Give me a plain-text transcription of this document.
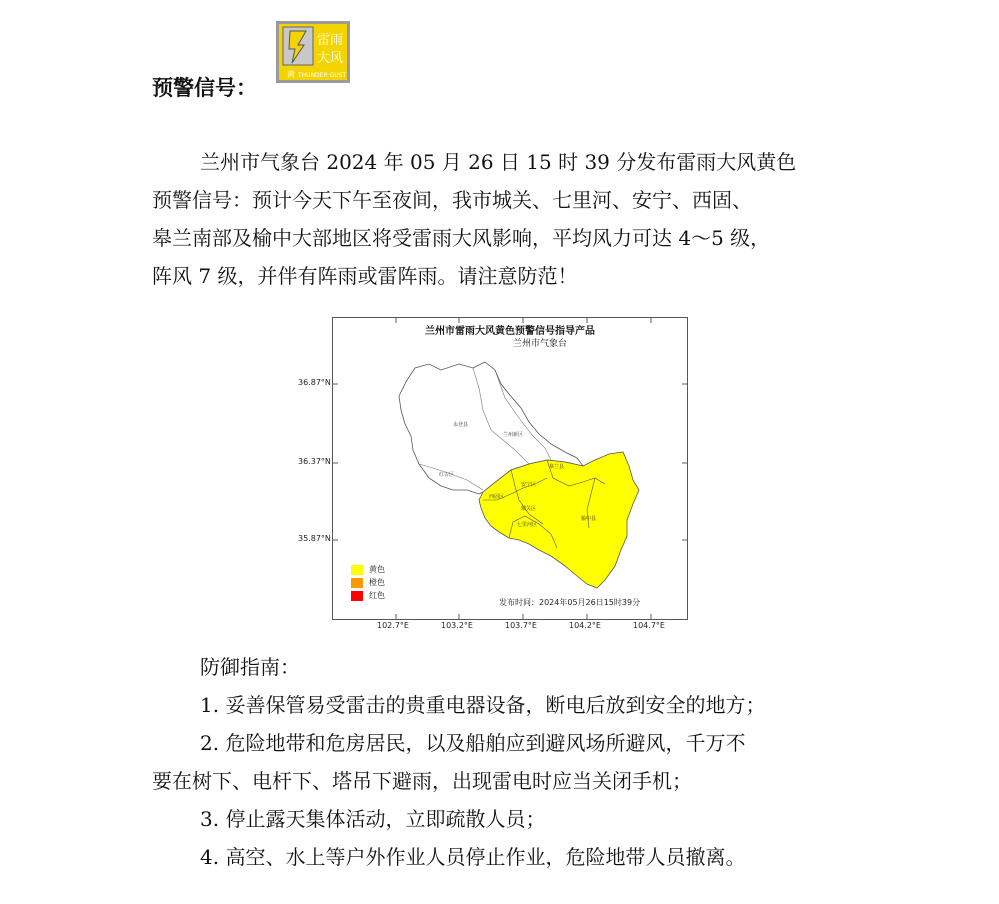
雷雨
大风
黄 THUNDER GUST
预警信号：

兰州市气象台 2024 年 05 月 26 日 15 时 39 分发布雷雨大风黄色

预警信号：预计今天下午至夜间，我市城关、七里河、安宁、西固、

皋兰南部及榆中大部地区将受雷雨大风影响，平均风力可达 4～5 级，

阵风 7 级，并伴有阵雨或雷阵雨。请注意防范！

兰州市雷雨大风黄色预警信号指导产品
兰州市气象台
永登县
兰州新区
皋兰县
红古区
西固区
安宁区
城关区
七里河区
榆中县
黄色
橙色
红色
发布时间：2024年05月26日15时39分
36.87°N
36.37°N
35.87°N
102.7°E	103.2°E	103.7°E	104.2°E	104.7°E

防御指南：

1. 妥善保管易受雷击的贵重电器设备，断电后放到安全的地方；

2. 危险地带和危房居民，以及船舶应到避风场所避风，千万不

要在树下、电杆下、塔吊下避雨，出现雷电时应当关闭手机；

3. 停止露天集体活动，立即疏散人员；

4. 高空、水上等户外作业人员停止作业，危险地带人员撤离。
